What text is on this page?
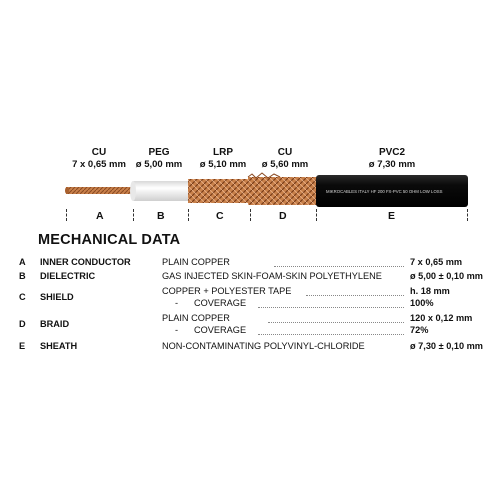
CU
7 x 0,65 mm
PEG
ø 5,00 mm
LRP
ø 5,10 mm
CU
ø 5,60 mm
PVC2
ø 7,30 mm
MIKROCABLES ITALY HF 200 FX-PVC 50 OHM LOW LOSS
A	B	C	D	E
MECHANICAL DATA
A INNER CONDUCTOR	PLAIN COPPER	7 x 0,65 mm
B DIELECTRIC	GAS INJECTED SKIN-FOAM-SKIN POLYETHYLENE	ø 5,00 ± 0,10 mm
C SHIELD
COPPER + POLYESTER TAPE	h. 18 mm
- COVERAGE	100%
D BRAID
PLAIN COPPER	120 x 0,12 mm
- COVERAGE	72%
E SHEATH	NON-CONTAMINATING POLYVINYL-CHLORIDE	ø 7,30 ± 0,10 mm
